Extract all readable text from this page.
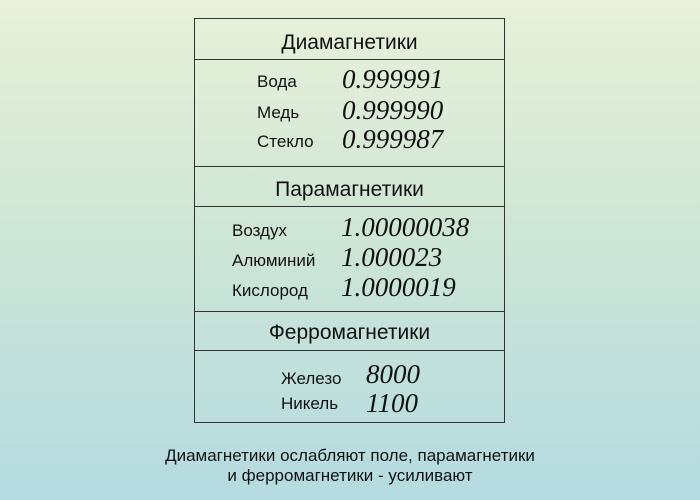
Диамагнетики
Вода 0.999991
Медь 0.999990
Стекло 0.999987
Парамагнетики
Воздух 1.00000038
Алюминий 1.000023
Кислород 1.0000019
Ферромагнетики
Железо 8000
Никель 1100
Диамагнетики ослабляют поле, парамагнетики
и ферромагнетики - усиливают
